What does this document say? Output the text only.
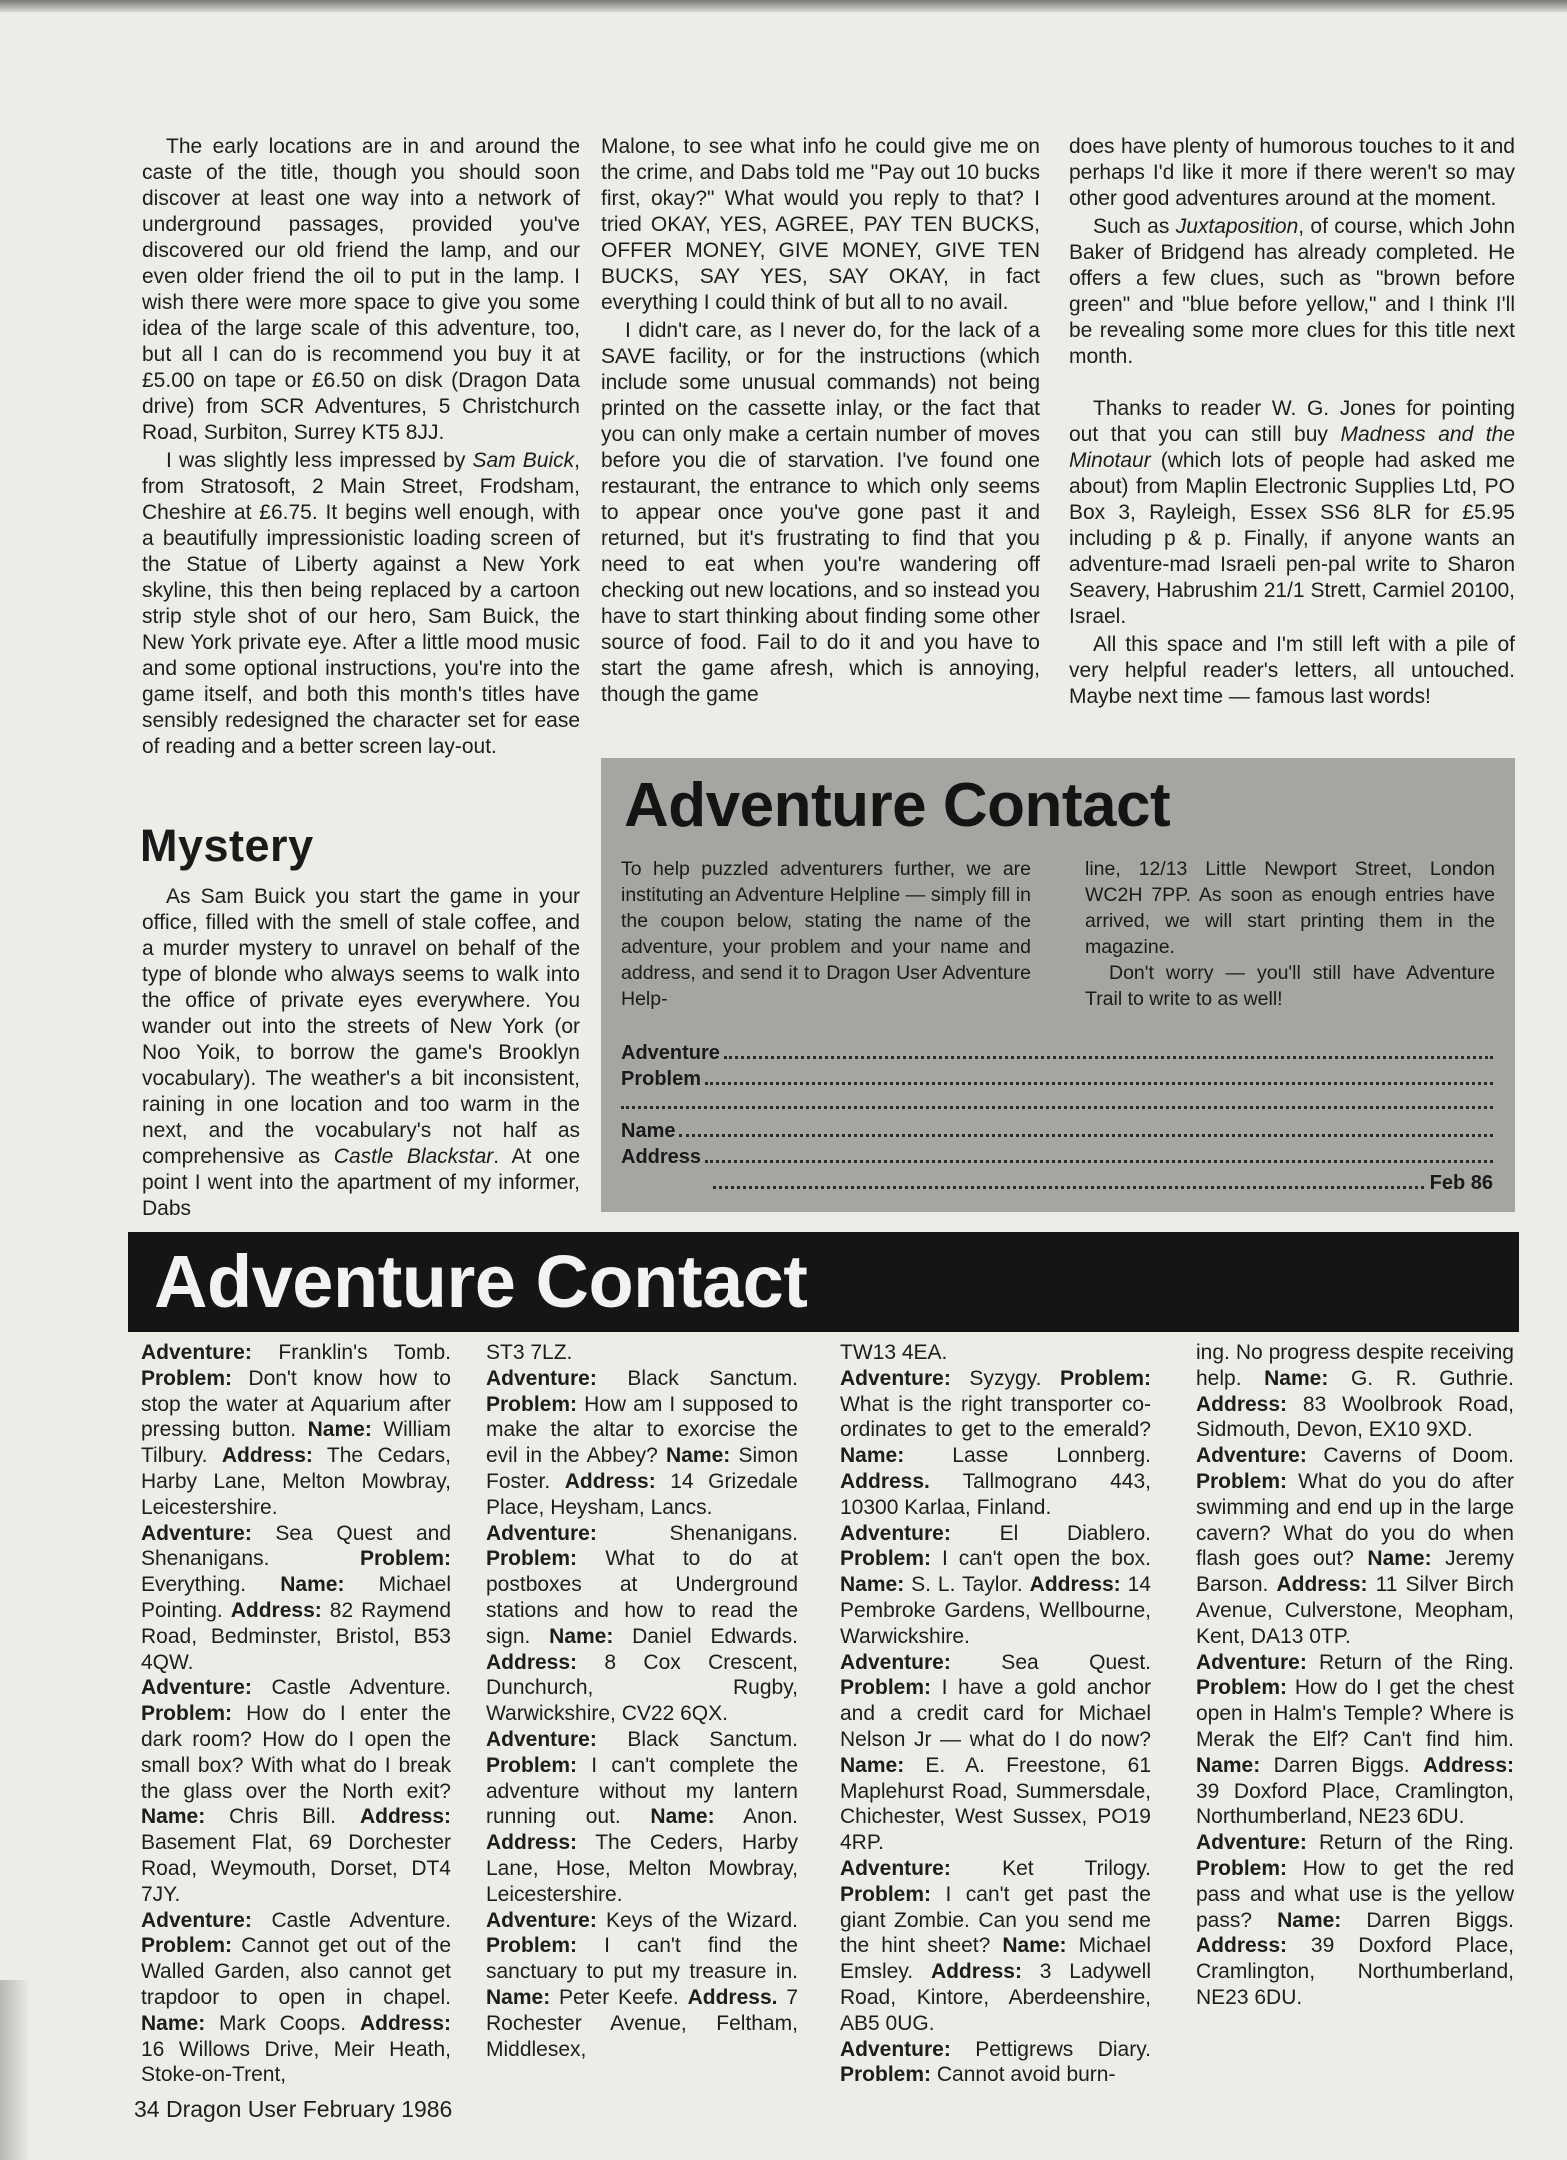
The early locations are in and around the caste of the title, though you should soon discover at least one way into a network of underground passages, provided you've discovered our old friend the lamp, and our even older friend the oil to put in the lamp. I wish there were more space to give you some idea of the large scale of this adventure, too, but all I can do is recommend you buy it at £5.00 on tape or £6.50 on disk (Dragon Data drive) from SCR Adventures, 5 Christchurch Road, Surbiton, Surrey KT5 8JJ.

I was slightly less impressed by Sam Buick, from Stratosoft, 2 Main Street, Frodsham, Cheshire at £6.75. It begins well enough, with a beautifully impressionistic loading screen of the Statue of Liberty against a New York skyline, this then being replaced by a cartoon strip style shot of our hero, Sam Buick, the New York private eye. After a little mood music and some optional instructions, you're into the game itself, and both this month's titles have sensibly redesigned the character set for ease of reading and a better screen lay-out.

Mystery

As Sam Buick you start the game in your office, filled with the smell of stale coffee, and a murder mystery to unravel on behalf of the type of blonde who always seems to walk into the office of private eyes everywhere. You wander out into the streets of New York (or Noo Yoik, to borrow the game's Brooklyn vocabulary). The weather's a bit inconsistent, raining in one location and too warm in the next, and the vocabulary's not half as comprehensive as Castle Blackstar. At one point I went into the apartment of my informer, Dabs

Malone, to see what info he could give me on the crime, and Dabs told me "Pay out 10 bucks first, okay?" What would you reply to that? I tried OKAY, YES, AGREE, PAY TEN BUCKS, OFFER MONEY, GIVE MONEY, GIVE TEN BUCKS, SAY YES, SAY OKAY, in fact everything I could think of but all to no avail.

I didn't care, as I never do, for the lack of a SAVE facility, or for the instructions (which include some unusual commands) not being printed on the cassette inlay, or the fact that you can only make a certain number of moves before you die of starvation. I've found one restaurant, the entrance to which only seems to appear once you've gone past it and returned, but it's frustrating to find that you need to eat when you're wandering off checking out new locations, and so instead you have to start thinking about finding some other source of food. Fail to do it and you have to start the game afresh, which is annoying, though the game

does have plenty of humorous touches to it and perhaps I'd like it more if there weren't so may other good adventures around at the moment.

Such as Juxtaposition, of course, which John Baker of Bridgend has already completed. He offers a few clues, such as "brown before green" and "blue before yellow," and I think I'll be revealing some more clues for this title next month.

Thanks to reader W. G. Jones for pointing out that you can still buy Madness and the Minotaur (which lots of people had asked me about) from Maplin Electronic Supplies Ltd, PO Box 3, Rayleigh, Essex SS6 8LR for £5.95 including p & p. Finally, if anyone wants an adventure-mad Israeli pen-pal write to Sharon Seavery, Habrushim 21/1 Strett, Carmiel 20100, Israel.

All this space and I'm still left with a pile of very helpful reader's letters, all untouched. Maybe next time — famous last words!

Adventure Contact

To help puzzled adventurers further, we are instituting an Adventure Helpline — simply fill in the coupon below, stating the name of the adventure, your problem and your name and address, and send it to Dragon User Adventure Help-

line, 12/13 Little Newport Street, London WC2H 7PP. As soon as enough entries have arrived, we will start printing them in the magazine.

Don't worry — you'll still have Adventure Trail to write to as well!

Adventure
Problem
Name
Address
Feb 86
Adventure Contact

Adventure: Franklin's Tomb. Problem: Don't know how to stop the water at Aquarium after pressing button. Name: William Tilbury. Address: The Cedars, Harby Lane, Melton Mowbray, Leicestershire.

Adventure: Sea Quest and Shenanigans. Problem: Everything. Name: Michael Pointing. Address: 82 Raymend Road, Bedminster, Bristol, B53 4QW.

Adventure: Castle Adventure. Problem: How do I enter the dark room? How do I open the small box? With what do I break the glass over the North exit? Name: Chris Bill. Address: Basement Flat, 69 Dorchester Road, Weymouth, Dorset, DT4 7JY.

Adventure: Castle Adventure. Problem: Cannot get out of the Walled Garden, also cannot get trapdoor to open in chapel. Name: Mark Coops. Address: 16 Willows Drive, Meir Heath, Stoke-on-Trent,

ST3 7LZ.

Adventure: Black Sanctum. Problem: How am I supposed to make the altar to exorcise the evil in the Abbey? Name: Simon Foster. Address: 14 Grizedale Place, Heysham, Lancs.

Adventure: Shenanigans. Problem: What to do at postboxes at Underground stations and how to read the sign. Name: Daniel Edwards. Address: 8 Cox Crescent, Dunchurch, Rugby, Warwickshire, CV22 6QX.

Adventure: Black Sanctum. Problem: I can't complete the adventure without my lantern running out. Name: Anon. Address: The Ceders, Harby Lane, Hose, Melton Mowbray, Leicestershire.

Adventure: Keys of the Wizard. Problem: I can't find the sanctuary to put my treasure in. Name: Peter Keefe. Address. 7 Rochester Avenue, Feltham, Middlesex,

TW13 4EA.

Adventure: Syzygy. Problem: What is the right transporter co-ordinates to get to the emerald? Name: Lasse Lonnberg. Address. Tallmograno 443, 10300 Karlaa, Finland.

Adventure: El Diablero. Problem: I can't open the box. Name: S. L. Taylor. Address: 14 Pembroke Gardens, Wellbourne, Warwickshire.

Adventure: Sea Quest. Problem: I have a gold anchor and a credit card for Michael Nelson Jr — what do I do now? Name: E. A. Freestone, 61 Maplehurst Road, Summersdale, Chichester, West Sussex, PO19 4RP.

Adventure: Ket Trilogy. Problem: I can't get past the giant Zombie. Can you send me the hint sheet? Name: Michael Emsley. Address: 3 Ladywell Road, Kintore, Aberdeenshire, AB5 0UG.

Adventure: Pettigrews Diary. Problem: Cannot avoid burn-

ing. No progress despite receiving help. Name: G. R. Guthrie. Address: 83 Woolbrook Road, Sidmouth, Devon, EX10 9XD.

Adventure: Caverns of Doom. Problem: What do you do after swimming and end up in the large cavern? What do you do when flash goes out? Name: Jeremy Barson. Address: 11 Silver Birch Avenue, Culverstone, Meopham, Kent, DA13 0TP.

Adventure: Return of the Ring. Problem: How do I get the chest open in Halm's Temple? Where is Merak the Elf? Can't find him. Name: Darren Biggs. Address: 39 Doxford Place, Cramlington, Northumberland, NE23 6DU.

Adventure: Return of the Ring. Problem: How to get the red pass and what use is the yellow pass? Name: Darren Biggs. Address: 39 Doxford Place, Cramlington, Northumberland, NE23 6DU.

34 Dragon User February 1986
